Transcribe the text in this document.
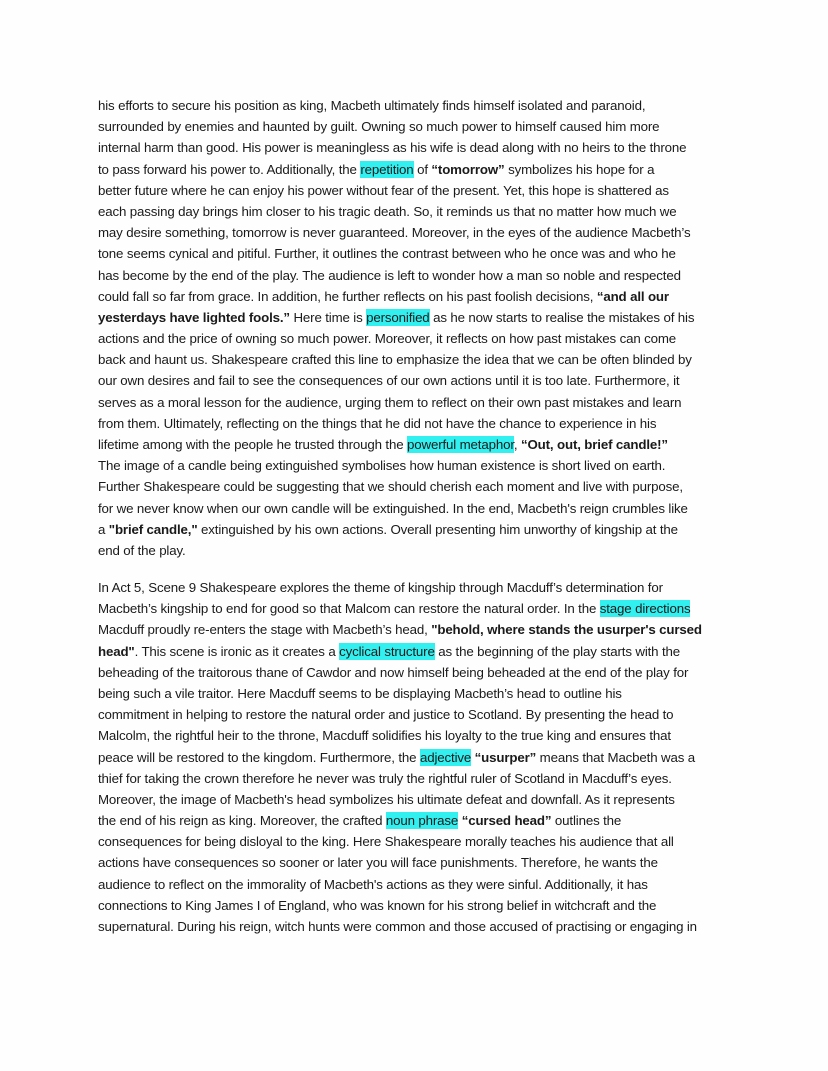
his efforts to secure his position as king, Macbeth ultimately finds himself isolated and paranoid,
surrounded by enemies and haunted by guilt. Owning so much power to himself caused him more
internal harm than good. His power is meaningless as his wife is dead along with no heirs to the throne
to pass forward his power to. Additionally, the repetition of “tomorrow” symbolizes his hope for a
better future where he can enjoy his power without fear of the present. Yet, this hope is shattered as
each passing day brings him closer to his tragic death. So, it reminds us that no matter how much we
may desire something, tomorrow is never guaranteed. Moreover, in the eyes of the audience Macbeth’s
tone seems cynical and pitiful. Further, it outlines the contrast between who he once was and who he
has become by the end of the play. The audience is left to wonder how a man so noble and respected
could fall so far from grace. In addition, he further reflects on his past foolish decisions, “and all our
yesterdays have lighted fools.” Here time is personified as he now starts to realise the mistakes of his
actions and the price of owning so much power. Moreover, it reflects on how past mistakes can come
back and haunt us. Shakespeare crafted this line to emphasize the idea that we can be often blinded by
our own desires and fail to see the consequences of our own actions until it is too late. Furthermore, it
serves as a moral lesson for the audience, urging them to reflect on their own past mistakes and learn
from them. Ultimately, reflecting on the things that he did not have the chance to experience in his
lifetime among with the people he trusted through the powerful metaphor, “Out, out, brief candle!”
The image of a candle being extinguished symbolises how human existence is short lived on earth.
Further Shakespeare could be suggesting that we should cherish each moment and live with purpose,
for we never know when our own candle will be extinguished. In the end, Macbeth's reign crumbles like
a "brief candle," extinguished by his own actions. Overall presenting him unworthy of kingship at the
end of the play.
In Act 5, Scene 9 Shakespeare explores the theme of kingship through Macduff’s determination for
Macbeth’s kingship to end for good so that Malcom can restore the natural order. In the stage directions
Macduff proudly re-enters the stage with Macbeth’s head, "behold, where stands the usurper's cursed
head". This scene is ironic as it creates a cyclical structure as the beginning of the play starts with the
beheading of the traitorous thane of Cawdor and now himself being beheaded at the end of the play for
being such a vile traitor. Here Macduff seems to be displaying Macbeth’s head to outline his
commitment in helping to restore the natural order and justice to Scotland. By presenting the head to
Malcolm, the rightful heir to the throne, Macduff solidifies his loyalty to the true king and ensures that
peace will be restored to the kingdom. Furthermore, the adjective “usurper” means that Macbeth was a
thief for taking the crown therefore he never was truly the rightful ruler of Scotland in Macduff’s eyes.
Moreover, the image of Macbeth's head symbolizes his ultimate defeat and downfall. As it represents
the end of his reign as king. Moreover, the crafted noun phrase “cursed head” outlines the
consequences for being disloyal to the king. Here Shakespeare morally teaches his audience that all
actions have consequences so sooner or later you will face punishments. Therefore, he wants the
audience to reflect on the immorality of Macbeth's actions as they were sinful. Additionally, it has
connections to King James I of England, who was known for his strong belief in witchcraft and the
supernatural. During his reign, witch hunts were common and those accused of practising or engaging in
